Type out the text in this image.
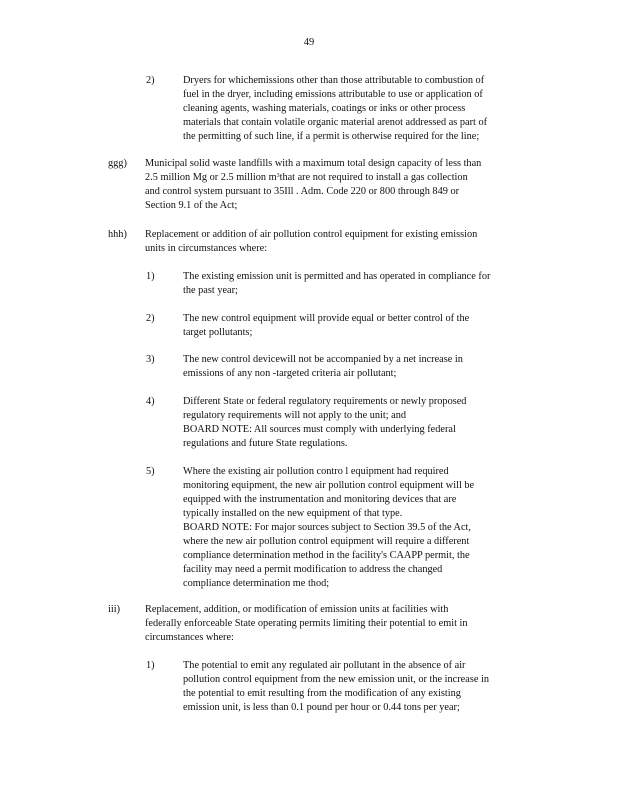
49
2)	Dryers for whichemissions other than those attributable to combustion of
fuel in the dryer, including emissions attributable to use or application of
cleaning agents, washing materials, coatings or inks or other process
materials that contain volatile organic material arenot addressed as part of
the permitting of such line, if a permit is otherwise required for the line;
ggg) Municipal solid waste landfills with a maximum total design capacity of less than
2.5 million Mg or 2.5 million $m^3that$ are not required to install a gas collection
and control system pursuant to 35Ill . Adm. Code 220 or 800 through 849 or
Section 9.1 of the Act;
hhh) Replacement or addition of air pollution control equipment for existing emission
units in circumstances where:
1)	The existing emission unit is permitted and has operated in compliance for
the past year;
2)	The new control equipment will provide equal or better control of the
target pollutants;
3)	The new control devicewill not be accompanied by a net increase in
emissions of any non -targeted criteria air pollutant;
4)	Different State or federal regulatory requirements or newly proposed
regulatory requirements will not apply to the unit; and
BOARD NOTE: All sources must comply with underlying federal
regulations and future State regulations.
5)	Where the existing air pollution contro l equipment had required
monitoring equipment, the new air pollution control equipment will be
equipped with the instrumentation and monitoring devices that are
typically installed on the new equipment of that type.
BOARD NOTE: For major sources subject to Section 39.5 of the Act,
where the new air pollution control equipment will require a different
compliance determination method in the facility's CAAPP permit, the
facility may need a permit modification to address the changed
compliance determination me thod;
iii) Replacement, addition, or modification of emission units at facilities with
federally enforceable State operating permits limiting their potential to emit in
circumstances where:
1)	The potential to emit any regulated air pollutant in the absence of air
pollution control equipment from the new emission unit, or the increase in
the potential to emit resulting from the modification of any existing
emission unit, is less than 0.1 pound per hour or 0.44 tons per year;
